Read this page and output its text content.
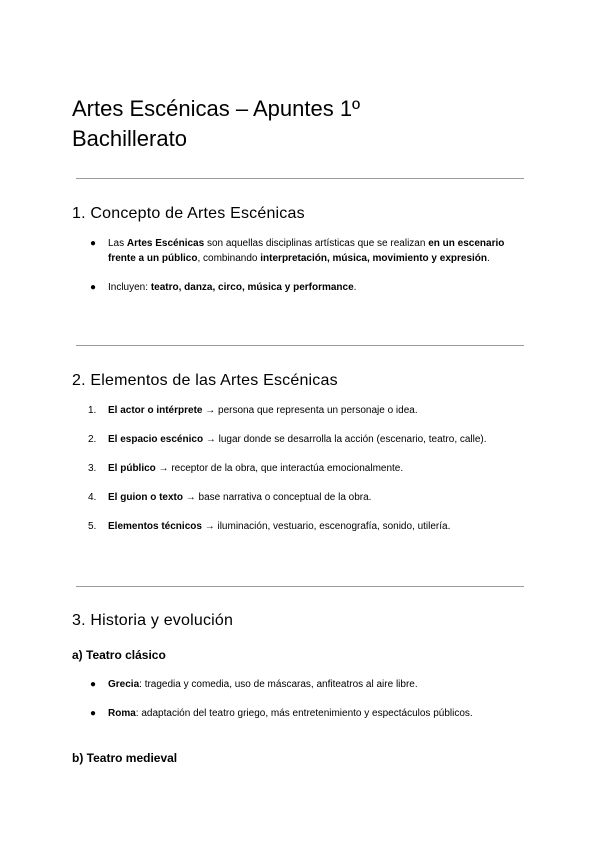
Artes Escénicas – Apuntes 1º Bachillerato
1. Concepto de Artes Escénicas
●	Las Artes Escénicas son aquellas disciplinas artísticas que se realizan en un escenario frente a un público, combinando interpretación, música, movimiento y expresión.
●	Incluyen: teatro, danza, circo, música y performance.
2. Elementos de las Artes Escénicas
1.	El actor o intérprete → persona que representa un personaje o idea.
2.	El espacio escénico → lugar donde se desarrolla la acción (escenario, teatro, calle).
3.	El público → receptor de la obra, que interactúa emocionalmente.
4.	El guion o texto → base narrativa o conceptual de la obra.
5.	Elementos técnicos → iluminación, vestuario, escenografía, sonido, utilería.
3. Historia y evolución
a) Teatro clásico
●	Grecia: tragedia y comedia, uso de máscaras, anfiteatros al aire libre.
●	Roma: adaptación del teatro griego, más entretenimiento y espectáculos públicos.
b) Teatro medieval
